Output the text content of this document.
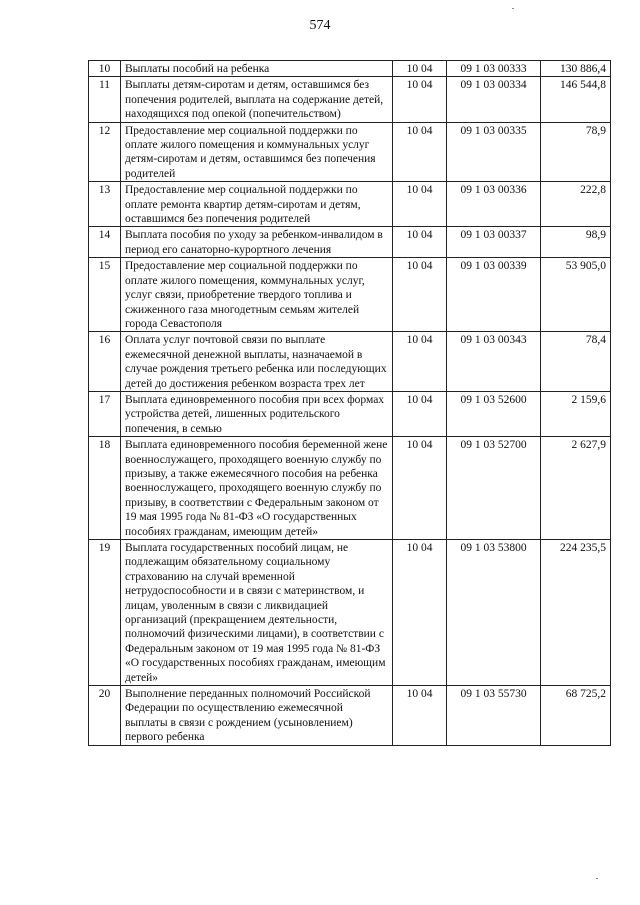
574
10	Выплаты пособий на ребенка	10 04	09 1 03 00333	130 886,4
11	Выплаты детям-сиротам и детям, оставшимся без попечения родителей, выплата на содержание детей, находящихся под опекой (попечительством)	10 04	09 1 03 00334	146 544,8
12	Предоставление мер социальной поддержки по оплате жилого помещения и коммунальных услуг детям-сиротам и детям, оставшимся без попечения родителей	10 04	09 1 03 00335	78,9
13	Предоставление мер социальной поддержки по оплате ремонта квартир детям-сиротам и детям, оставшимся без попечения родителей	10 04	09 1 03 00336	222,8
14	Выплата пособия по уходу за ребенком-инвалидом в период его санаторно-курортного лечения	10 04	09 1 03 00337	98,9
15	Предоставление мер социальной поддержки по оплате жилого помещения, коммунальных услуг, услуг связи, приобретение твердого топлива и сжиженного газа многодетным семьям жителей города Севастополя	10 04	09 1 03 00339	53 905,0
16	Оплата услуг почтовой связи по выплате ежемесячной денежной выплаты, назначаемой в случае рождения третьего ребенка или последующих детей до достижения ребенком возраста трех лет	10 04	09 1 03 00343	78,4
17	Выплата единовременного пособия при всех формах устройства детей, лишенных родительского попечения, в семью	10 04	09 1 03 52600	2 159,6
18	Выплата единовременного пособия беременной жене военнослужащего, проходящего военную службу по призыву, а также ежемесячного пособия на ребенка военнослужащего, проходящего военную службу по призыву, в соответствии с Федеральным законом от 19 мая 1995 года № 81-ФЗ «О государственных пособиях гражданам, имеющим детей»	10 04	09 1 03 52700	2 627,9
19	Выплата государственных пособий лицам, не подлежащим обязательному социальному страхованию на случай временной нетрудоспособности и в связи с материнством, и лицам, уволенным в связи с ликвидацией организаций (прекращением деятельности, полномочий физическими лицами), в соответствии с Федеральным законом от 19 мая 1995 года № 81-ФЗ «О государственных пособиях гражданам, имеющим детей»	10 04	09 1 03 53800	224 235,5
20	Выполнение переданных полномочий Российской Федерации по осуществлению ежемесячной выплаты в связи с рождением (усыновлением) первого ребенка	10 04	09 1 03 55730	68 725,2
